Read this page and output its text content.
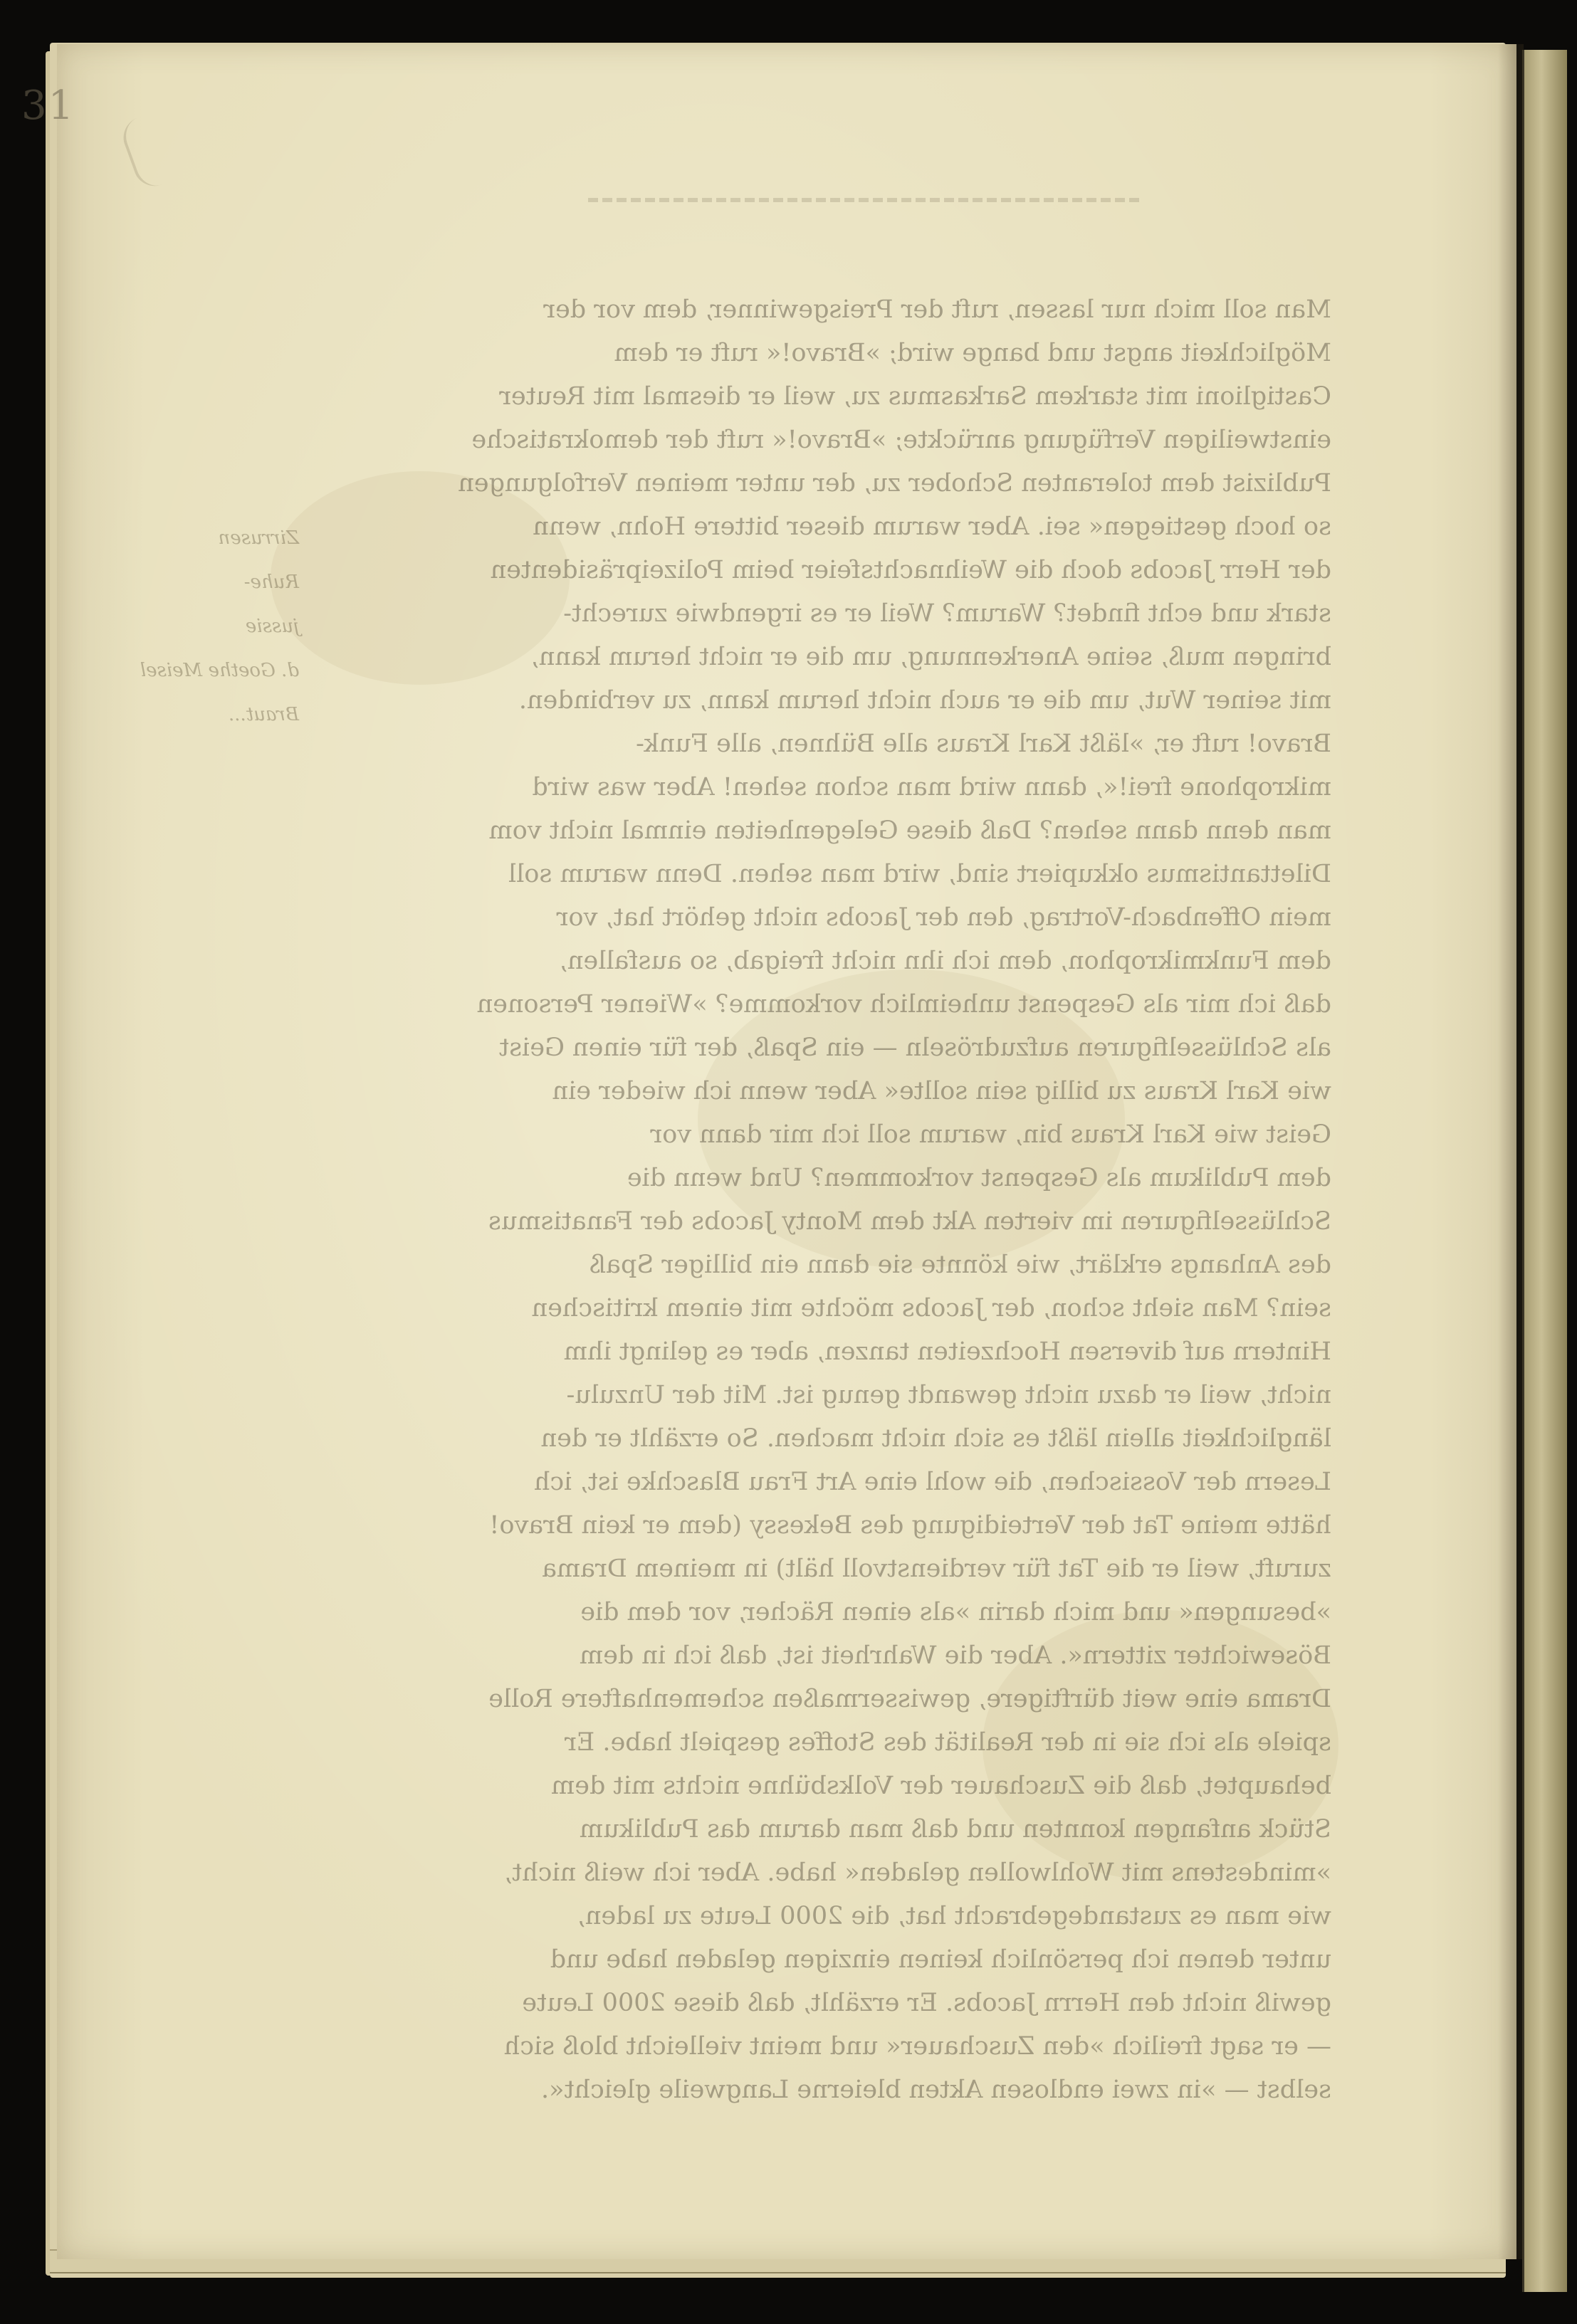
31
Zirrusen
Ruhe-
jussie
d. Goethe Meisel
Braut...
Man soll mich nur lassen, ruft der Preisgewinner, dem vor der
Möglichkeit angst und bange wird; »Bravo!« ruft er dem
Castiglioni mit starkem Sarkasmus zu, weil er diesmal mit Reuter
einstweiligen Verfügung anrückte; »Bravo!« ruft der demokratische
Publizist dem toleranten Schober zu, der unter meinen Verfolgungen
so hoch gestiegen« sei. Aber warum dieser bittere Hohn, wenn
der Herr Jacobs doch die Weihnachtsfeier beim Polizeipräsidenten
stark und echt findet? Warum? Weil er es irgendwie zurecht-
bringen muß, seine Anerkennung, um die er nicht herum kann,
mit seiner Wut, um die er auch nicht herum kann, zu verbinden.
Bravo! ruft er, »läßt Karl Kraus alle Bühnen, alle Funk-
mikrophone frei!«, dann wird man schon sehen! Aber was wird
man denn dann sehen? Daß diese Gelegenheiten einmal nicht vom
Dilettantismus okkupiert sind, wird man sehen. Denn warum soll
mein Offenbach-Vortrag, den der Jacobs nicht gehört hat, vor
dem Funkmikrophon, dem ich ihn nicht freigab, so ausfallen,
daß ich mir als Gespenst unheimlich vorkomme? »Wiener Personen
als Schlüsselfiguren aufzudröseln — ein Spaß, der für einen Geist
wie Karl Kraus zu billig sein sollte« Aber wenn ich wieder ein
Geist wie Karl Kraus bin, warum soll ich mir dann vor
dem Publikum als Gespenst vorkommen? Und wenn die
Schlüsselfiguren im vierten Akt dem Monty Jacobs der Fanatismus
des Anhangs erklärt, wie könnte sie dann ein billiger Spaß
sein? Man sieht schon, der Jacobs möchte mit einem kritischen
Hintern auf diversen Hochzeiten tanzen, aber es gelingt ihm
nicht, weil er dazu nicht gewandt genug ist. Mit der Unzulu-
länglichkeit allein läßt es sich nicht machen. So erzählt er den
Lesern der Vossischen, die wohl eine Art Frau Blaschke ist, ich
hätte meine Tat der Verteidigung des Bekessy (dem er kein Bravo!
zuruft, weil er die Tat für verdienstvoll hält) in meinem Drama
»besungen« und mich darin »als einen Rächer, vor dem die
Bösewichter zittern«. Aber die Wahrheit ist, daß ich in dem
Drama eine weit dürftigere, gewissermaßen schemenhaftere Rolle
spiele als ich sie in der Realität des Stoffes gespielt habe. Er
behauptet, daß die Zuschauer der Volksbühne nichts mit dem
Stück anfangen konnten und daß man darum das Publikum
»mindestens mit Wohlwollen geladen« habe. Aber ich weiß nicht,
wie man es zustandegebracht hat, die 2000 Leute zu laden,
unter denen ich persönlich keinen einzigen geladen habe und
gewiß nicht den Herrn Jacobs. Er erzählt, daß diese 2000 Leute
— er sagt freilich »den Zuschauer« und meint vielleicht bloß sich
selbst — »in zwei endlosen Akten bleierne Langweile gleicht«.
